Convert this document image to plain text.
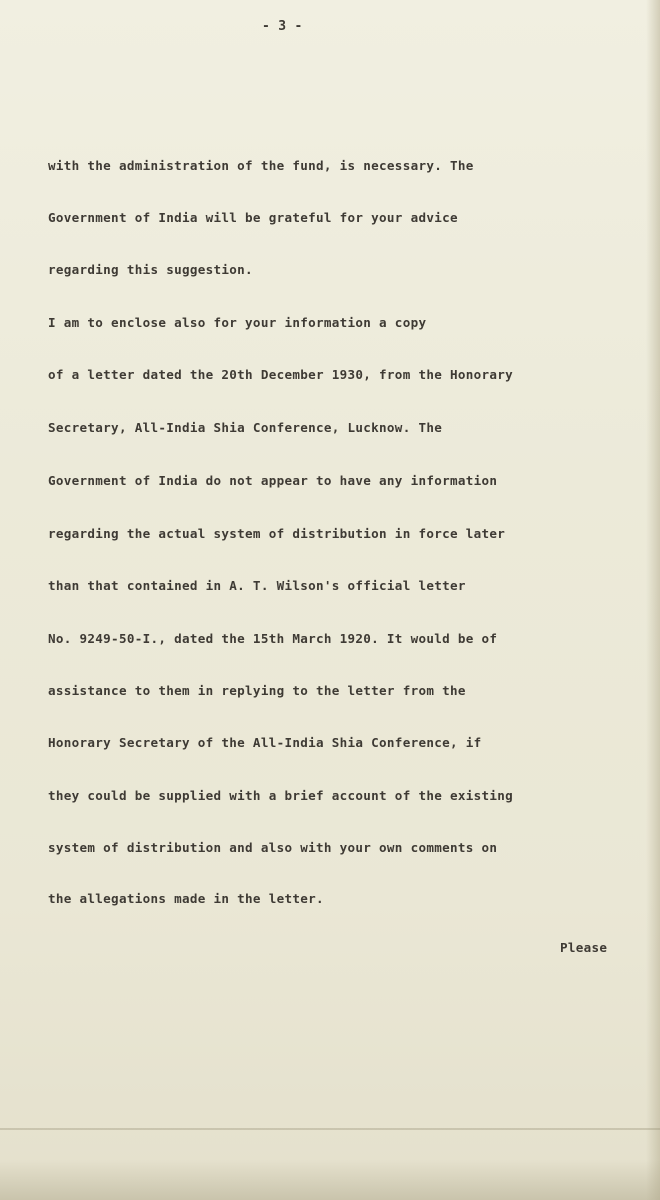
- 3 -

with the administration of the fund, is necessary. The

Government of India will be grateful for your advice

regarding this suggestion.

I am to enclose also for your information a copy

of a letter dated the 20th December 1930, from the Honorary

Secretary, All-India Shia Conference, Lucknow. The

Government of India do not appear to have any information

regarding the actual system of distribution in force later

than that contained in A. T. Wilson's official letter

No. 9249-50-I., dated the 15th March 1920. It would be of

assistance to them in replying to the letter from the

Honorary Secretary of the All-India Shia Conference, if

they could be supplied with a brief account of the existing

system of distribution and also with your own comments on

the allegations made in the letter.

Please
